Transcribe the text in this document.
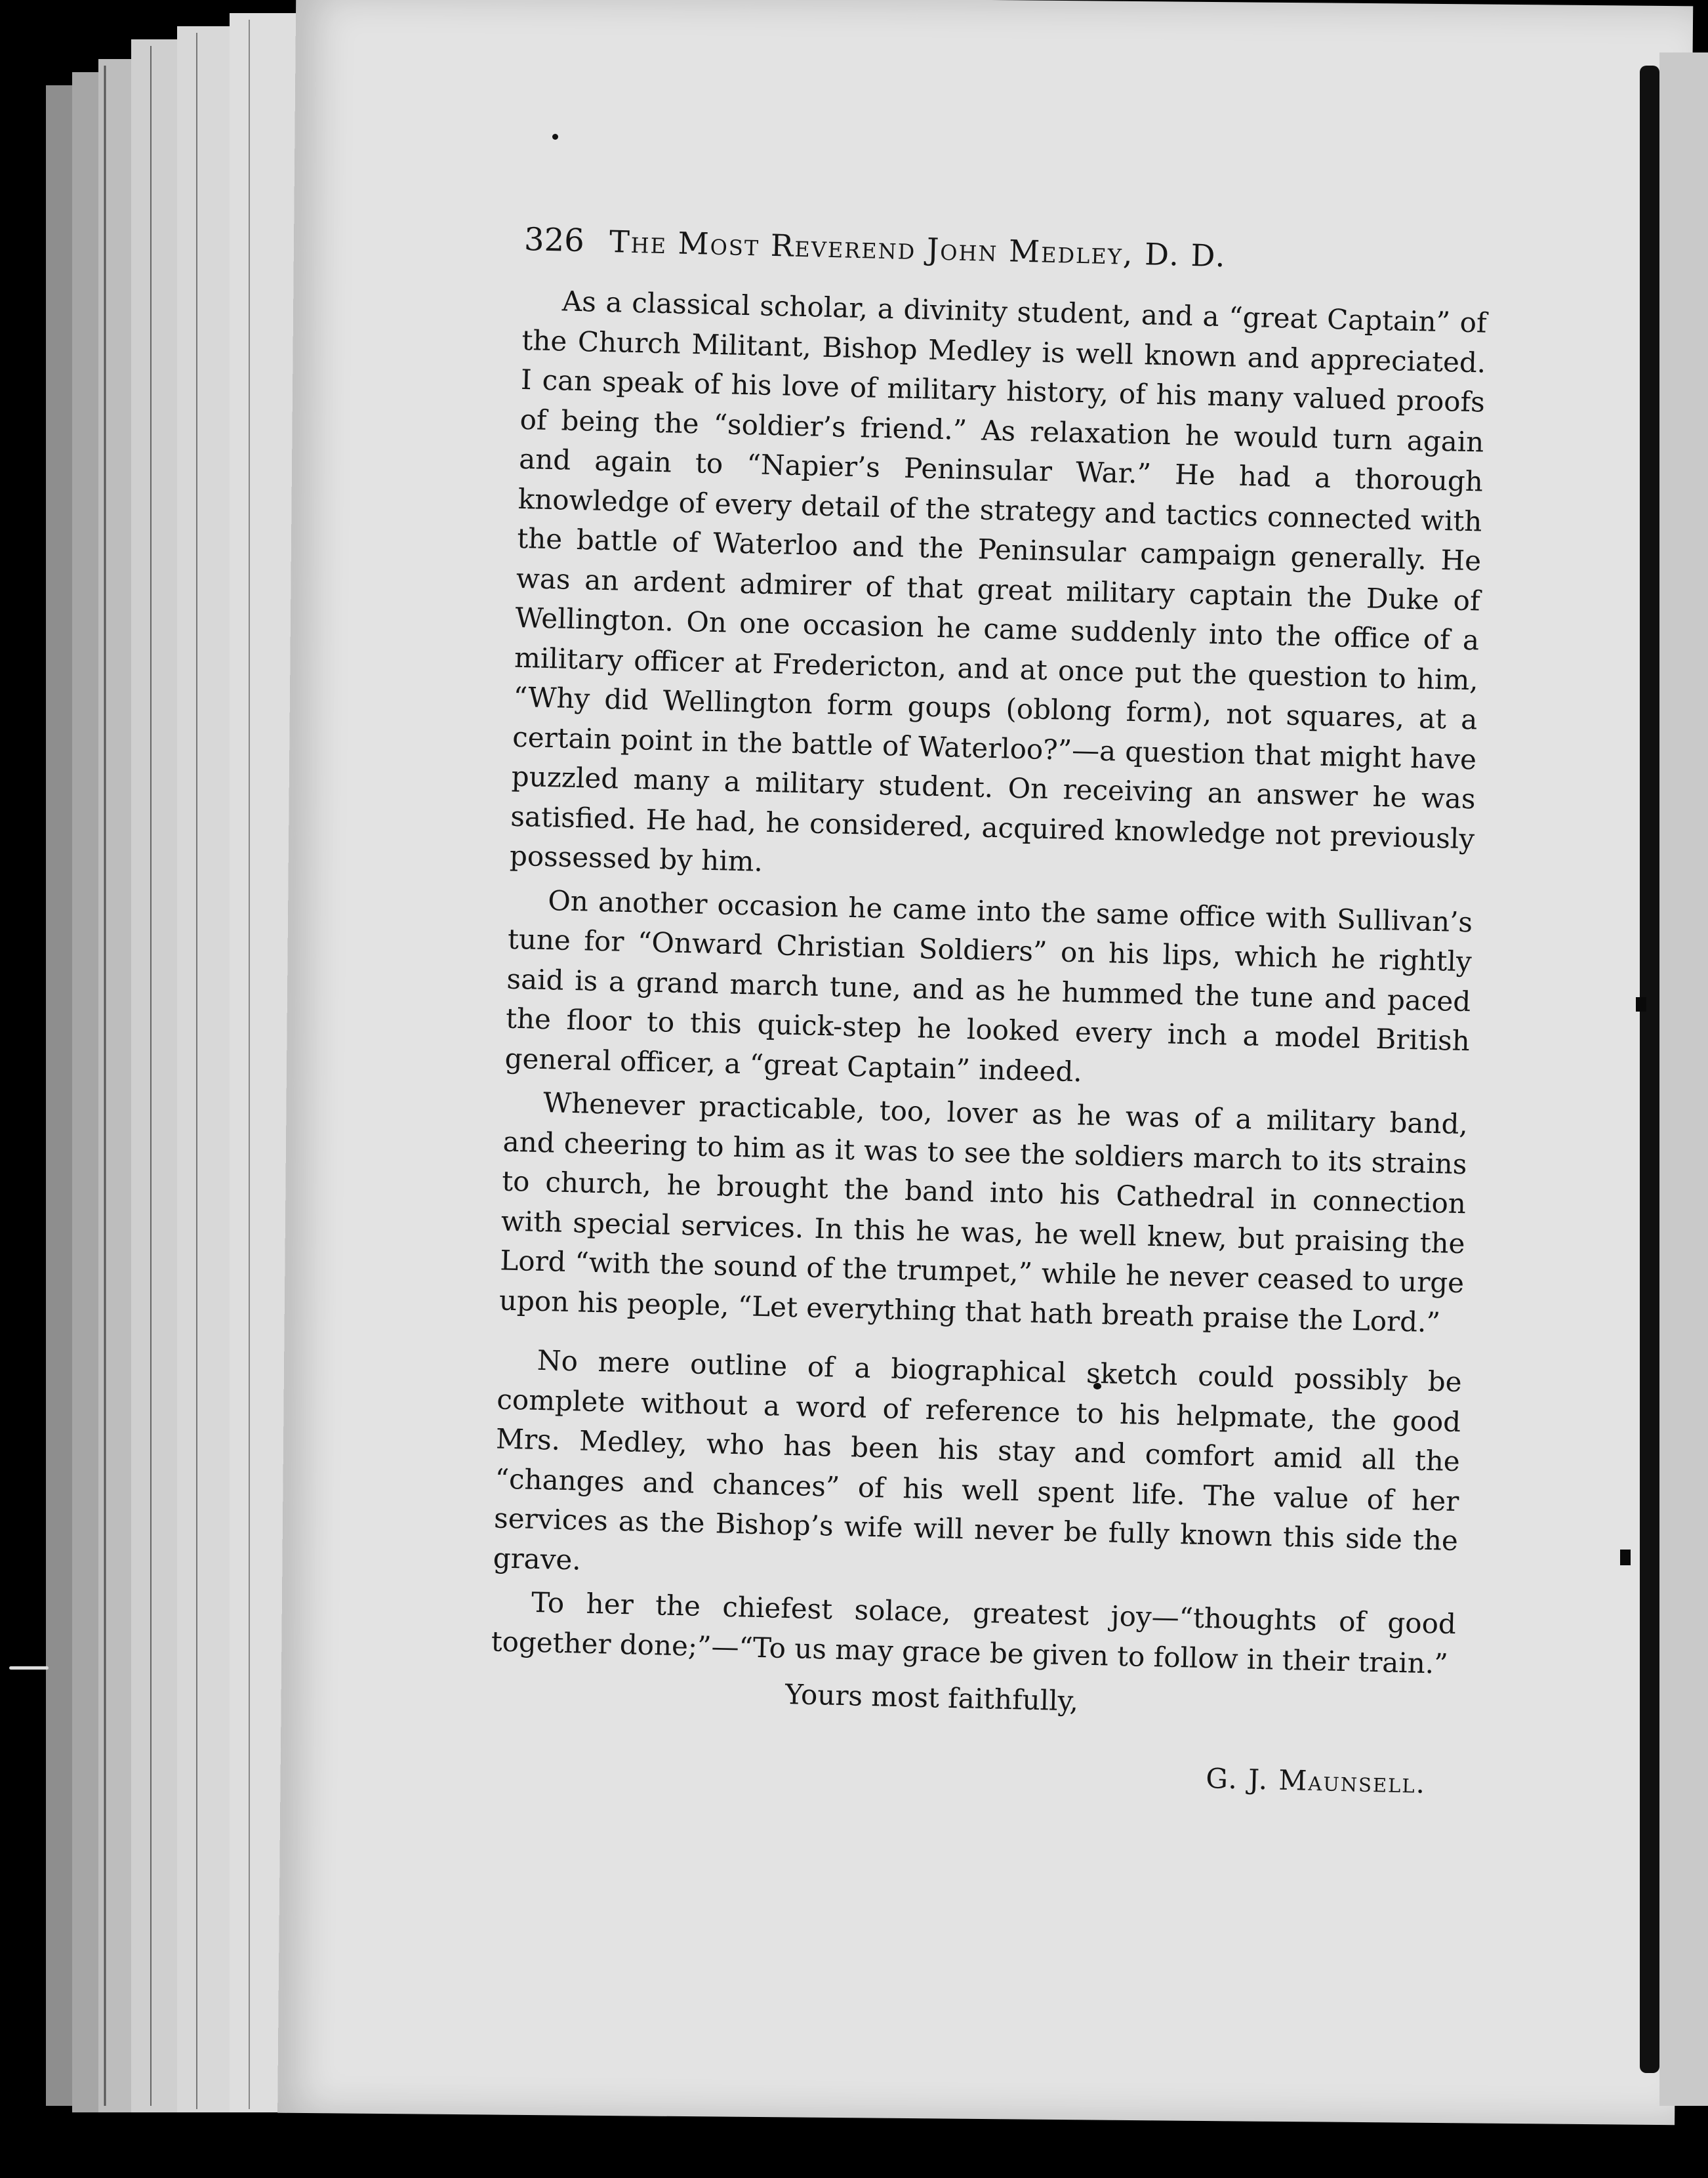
326 The Most Reverend John Medley, D. D.

As a classical scholar, a divinity student, and a “great Captain” of the Church Militant, Bishop Medley is well known and appreciated. I can speak of his love of military history, of his many valued proofs of being the “soldier’s friend.” As relaxation he would turn again and again to “Napier’s Peninsular War.” He had a thorough knowledge of every detail of the strategy and tactics connected with the battle of Waterloo and the Peninsular campaign generally. He was an ardent admirer of that great military captain the Duke of Wellington. On one occasion he came suddenly into the office of a military officer at Fredericton, and at once put the question to him, “Why did Wellington form goups (oblong form), not squares, at a certain point in the battle of Waterloo?”—a question that might have puzzled many a military student. On receiving an answer he was satisfied. He had, he considered, acquired knowledge not previously possessed by him.

On another occasion he came into the same office with Sullivan’s tune for “Onward Christian Soldiers” on his lips, which he rightly said is a grand march tune, and as he hummed the tune and paced the floor to this quick-step he looked every inch a model British general officer, a “great Captain” indeed.

Whenever practicable, too, lover as he was of a military band, and cheering to him as it was to see the soldiers march to its strains to church, he brought the band into his Cathedral in connection with special services. In this he was, he well knew, but praising the Lord “with the sound of the trumpet,” while he never ceased to urge upon his people, “Let everything that hath breath praise the Lord.”

No mere outline of a biographical sketch could possibly be complete without a word of reference to his helpmate, the good Mrs. Medley, who has been his stay and comfort amid all the “changes and chances” of his well spent life. The value of her services as the Bishop’s wife will never be fully known this side the grave.

To her the chiefest solace, greatest joy—“thoughts of good together done;”—“To us may grace be given to follow in their train.”

Yours most faithfully,

G. J. Maunsell.
